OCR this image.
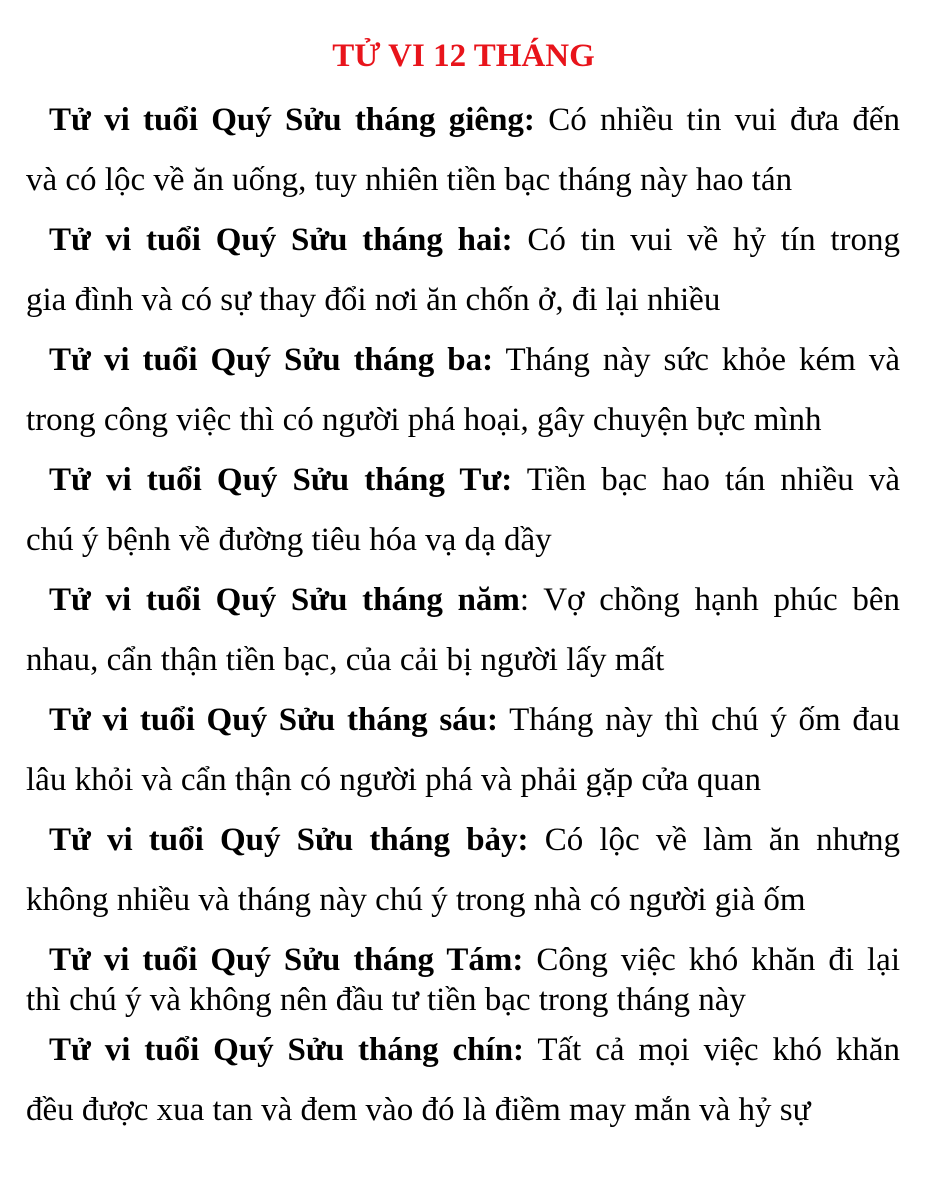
TỬ VI 12 THÁNG
Tử vi tuổi Quý Sửu tháng giêng: Có nhiều tin vui đưa đến
và có lộc về ăn uống, tuy nhiên tiền bạc tháng này hao tán
Tử vi tuổi Quý Sửu tháng hai: Có tin vui về hỷ tín trong
gia đình và có sự thay đổi nơi ăn chốn ở, đi lại nhiều
Tử vi tuổi Quý Sửu tháng ba: Tháng này sức khỏe kém và
trong công việc thì có người phá hoại, gây chuyện bực mình
Tử vi tuổi Quý Sửu tháng Tư: Tiền bạc hao tán nhiều và
chú ý bệnh về đường tiêu hóa vạ dạ dầy
Tử vi tuổi Quý Sửu tháng năm: Vợ chồng hạnh phúc bên
nhau, cẩn thận tiền bạc, của cải bị người lấy mất
Tử vi tuổi Quý Sửu tháng sáu: Tháng này thì chú ý ốm đau
lâu khỏi và cẩn thận có người phá và phải gặp cửa quan
Tử vi tuổi Quý Sửu tháng bảy: Có lộc về làm ăn nhưng
không nhiều và tháng này chú ý trong nhà có người già ốm
Tử vi tuổi Quý Sửu tháng Tám: Công việc khó khăn đi lại
thì chú ý và không nên đầu tư tiền bạc trong tháng này
Tử vi tuổi Quý Sửu tháng chín: Tất cả mọi việc khó khăn
đều được xua tan và đem vào đó là điềm may mắn và hỷ sự
